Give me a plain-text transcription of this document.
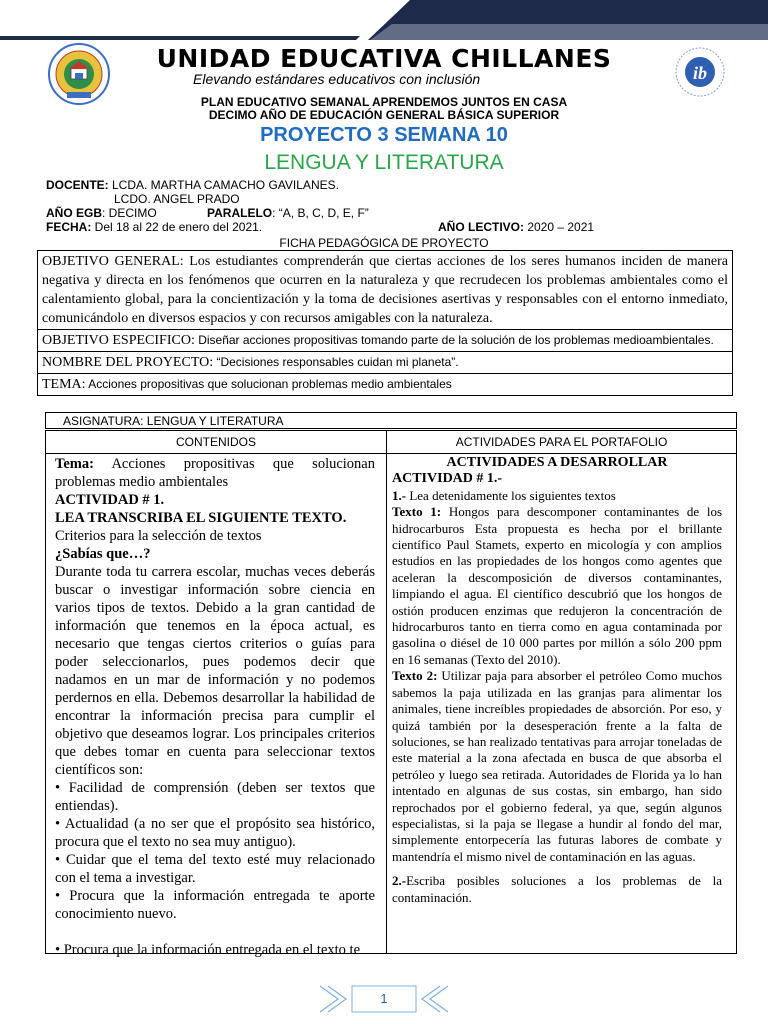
ib
UNIDAD EDUCATIVA CHILLANES
Elevando estándares educativos con inclusión
PLAN EDUCATIVO SEMANAL APRENDEMOS JUNTOS EN CASA
DECIMO AÑO DE EDUCACIÓN GENERAL BÁSICA SUPERIOR
PROYECTO 3 SEMANA 10
LENGUA Y LITERATURA
DOCENTE: LCDA. MARTHA CAMACHO GAVILANES.
LCDO. ANGEL PRADO
AÑO EGB: DECIMO	PARALELO: “A, B, C, D, E, F”
FECHA: Del 18 al 22 de enero del 2021.	AÑO LECTIVO: 2020 – 2021
FICHA PEDAGÓGICA DE PROYECTO
OBJETIVO GENERAL: Los estudiantes comprenderán que ciertas acciones de los seres humanos inciden de manera negativa y directa en los fenómenos que ocurren en la naturaleza y que recrudecen los problemas ambientales como el calentamiento global, para la concientización y la toma de decisiones asertivas y responsables con el entorno inmediato, comunicándolo en diversos espacios y con recursos amigables con la naturaleza.
OBJETIVO ESPECIFICO: Diseñar acciones propositivas tomando parte de la solución de los problemas medioambientales.
NOMBRE DEL PROYECTO: “Decisiones responsables cuidan mi planeta”.
TEMA: Acciones propositivas que solucionan problemas medio ambientales
ASIGNATURA: LENGUA Y LITERATURA
CONTENIDOS	ACTIVIDADES PARA EL PORTAFOLIO

Tema: Acciones propositivas que solucionan problemas medio ambientales

ACTIVIDAD # 1.

LEA TRANSCRIBA EL SIGUIENTE TEXTO.

Criterios para la selección de textos

¿Sabías que…?

Durante toda tu carrera escolar, muchas veces deberás buscar o investigar información sobre ciencia en varios tipos de textos. Debido a la gran cantidad de información que tenemos en la época actual, es necesario que tengas ciertos criterios o guías para poder seleccionarlos, pues podemos decir que nadamos en un mar de información y no podemos perdernos en ella. Debemos desarrollar la habilidad de encontrar la información precisa para cumplir el objetivo que deseamos lograr. Los principales criterios que debes tomar en cuenta para seleccionar textos científicos son:

• Facilidad de comprensión (deben ser textos que entiendas).

• Actualidad (a no ser que el propósito sea histórico, procura que el texto no sea muy antiguo).

• Cuidar que el tema del texto esté muy relacionado con el tema a investigar.

• Procura que la información entregada te aporte conocimiento nuevo.

• Procura que la información entregada en el texto te

ACTIVIDADES A DESARROLLAR

ACTIVIDAD # 1.-

1.- Lea detenidamente los siguientes textos

Texto 1: Hongos para descomponer contaminantes de los hidrocarburos Esta propuesta es hecha por el brillante científico Paul Stamets, experto en micología y con amplios estudios en las propiedades de los hongos como agentes que aceleran la descomposición de diversos contaminantes, limpiando el agua. El científico descubrió que los hongos de ostión producen enzimas que redujeron la concentración de hidrocarburos tanto en tierra como en agua contaminada por gasolina o diésel de 10 000 partes por millón a sólo 200 ppm en 16 semanas (Texto del 2010).

Texto 2: Utilizar paja para absorber el petróleo Como muchos sabemos la paja utilizada en las granjas para alimentar los animales, tiene increíbles propiedades de absorción. Por eso, y quizá también por la desesperación frente a la falta de soluciones, se han realizado tentativas para arrojar toneladas de este material a la zona afectada en busca de que absorba el petróleo y luego sea retirada. Autoridades de Florida ya lo han intentado en algunas de sus costas, sin embargo, han sido reprochados por el gobierno federal, ya que, según algunos especialistas, si la paja se llegase a hundir al fondo del mar, simplemente entorpecería las futuras labores de combate y mantendría el mismo nivel de contaminación en las aguas.

2.-Escriba posibles soluciones a los problemas de la contaminación.

1
